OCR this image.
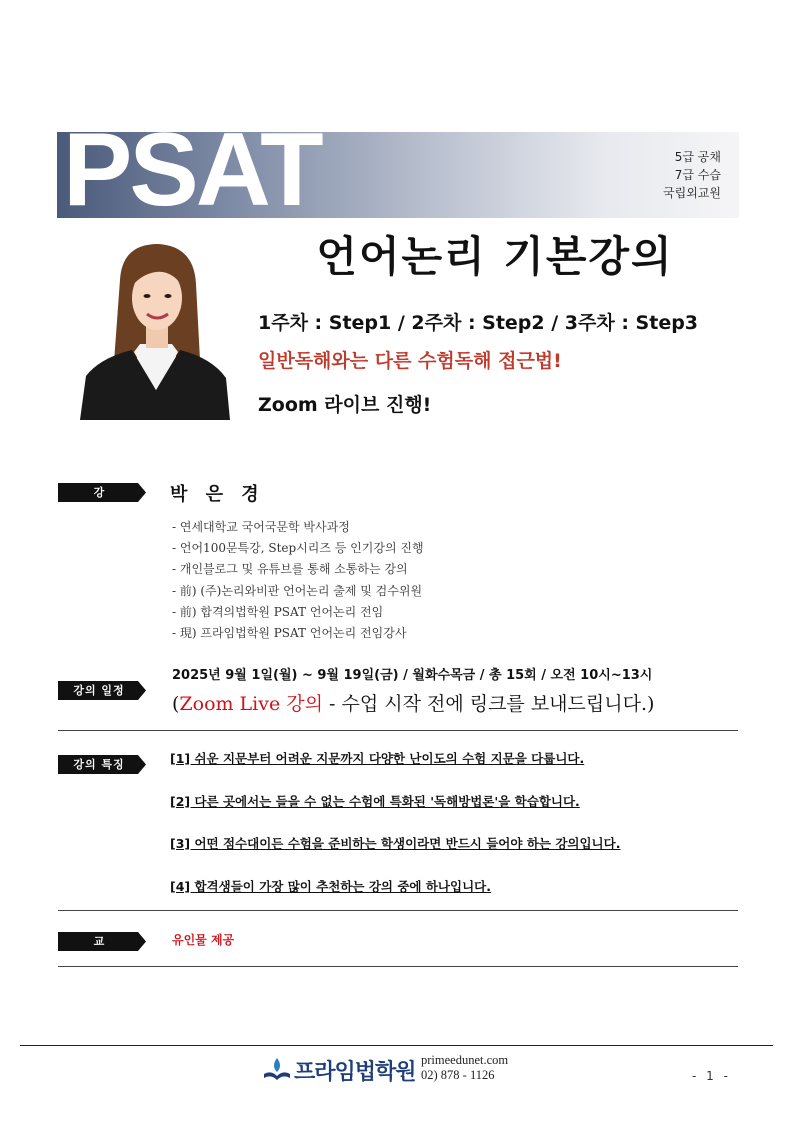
PSAT	5급 공채
7급 수습
국립외교원
언어논리 기본강의
1주차 : Step1 / 2주차 : Step2 / 3주차 : Step3
일반독해와는 다른 수험독해 접근법!
Zoom 라이브 진행!
강 사
박 은 경
- 연세대학교 국어국문학 박사과정
- 언어100문특강, Step시리즈 등 인기강의 진행
- 개인블로그 및 유튜브를 통해 소통하는 강의
- 前) (주)논리와비판 언어논리 출제 및 검수위원
- 前) 합격의법학원 PSAT 언어논리 전임
- 現) 프라임법학원 PSAT 언어논리 전임강사
강의 일정
2025년 9월 1일(월) ~ 9월 19일(금) / 월화수목금 / 총 15회 / 오전 10시~13시
(Zoom Live 강의 - 수업 시작 전에 링크를 보내드립니다.)
강의 특징	[1] 쉬운 지문부터 어려운 지문까지 다양한 난이도의 수험 지문을 다룹니다.
[2] 다른 곳에서는 들을 수 없는 수험에 특화된 '독해방법론'을 학습합니다.
[3] 어떤 점수대이든 수험을 준비하는 학생이라면 반드시 들어야 하는 강의입니다.
[4] 합격생들이 가장 많이 추천하는 강의 중에 하나입니다.
교 재
유인물 제공
프라임법학원 primeedunet.com
02) 878 - 1126	- 1 -
